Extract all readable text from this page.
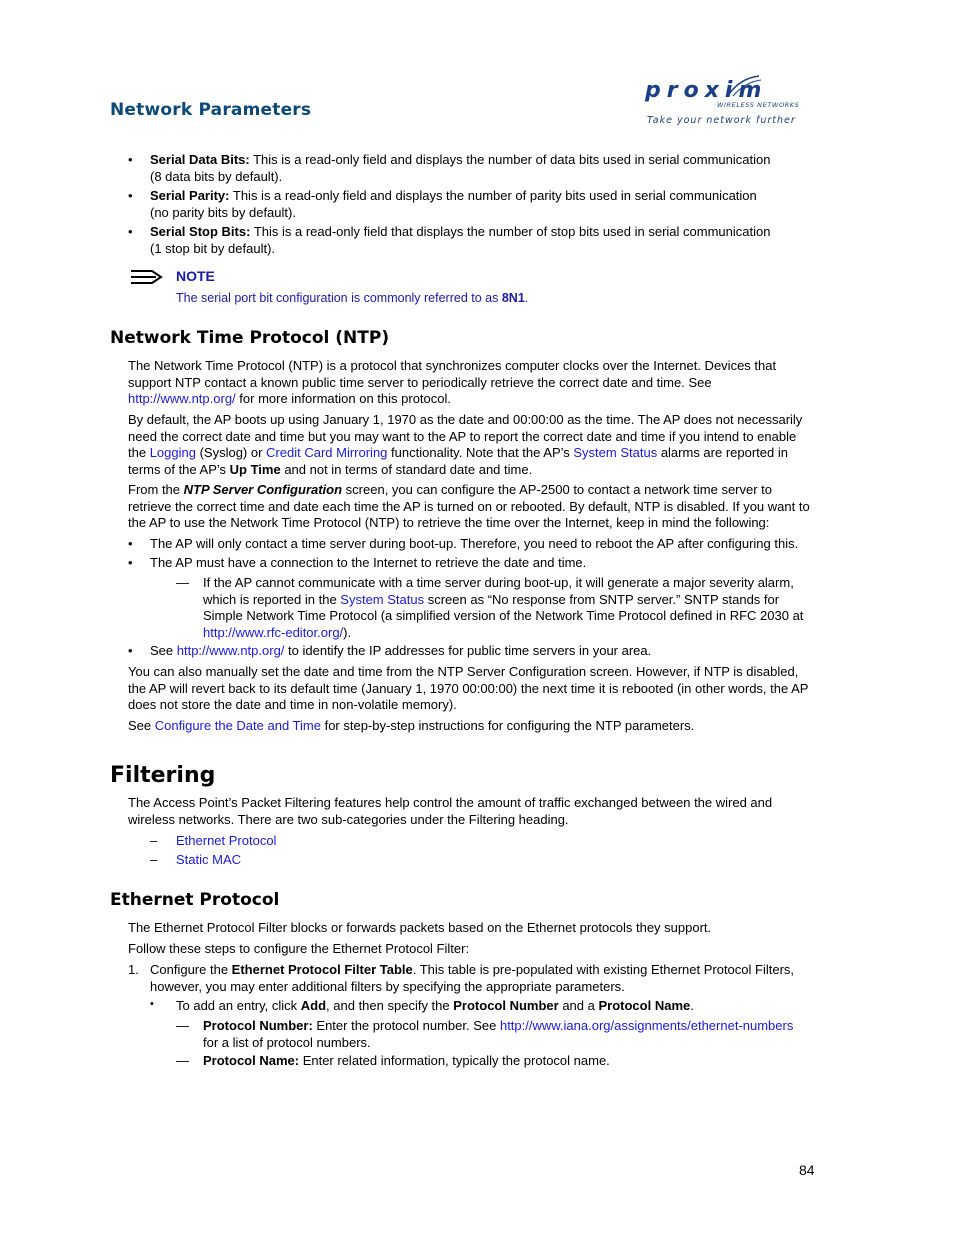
Network Parameters
proxim
WIRELESS NETWORKS
Take your network further
• Serial Data Bits: This is a read-only field and displays the number of data bits used in serial communication
(8 data bits by default).
• Serial Parity: This is a read-only field and displays the number of parity bits used in serial communication
(no parity bits by default).
• Serial Stop Bits: This is a read-only field that displays the number of stop bits used in serial communication
(1 stop bit by default).
NOTE
The serial port bit configuration is commonly referred to as 8N1.
Network Time Protocol (NTP)
The Network Time Protocol (NTP) is a protocol that synchronizes computer clocks over the Internet. Devices that
support NTP contact a known public time server to periodically retrieve the correct date and time. See
http://www.ntp.org/ for more information on this protocol.
By default, the AP boots up using January 1, 1970 as the date and 00:00:00 as the time. The AP does not necessarily
need the correct date and time but you may want to the AP to report the correct date and time if you intend to enable
the Logging (Syslog) or Credit Card Mirroring functionality. Note that the AP’s System Status alarms are reported in
terms of the AP’s Up Time and not in terms of standard date and time.
From the NTP Server Configuration screen, you can configure the AP-2500 to contact a network time server to
retrieve the correct time and date each time the AP is turned on or rebooted. By default, NTP is disabled. If you want to
the AP to use the Network Time Protocol (NTP) to retrieve the time over the Internet, keep in mind the following:
• The AP will only contact a time server during boot-up. Therefore, you need to reboot the AP after configuring this.
• The AP must have a connection to the Internet to retrieve the date and time.
— If the AP cannot communicate with a time server during boot-up, it will generate a major severity alarm,
which is reported in the System Status screen as “No response from SNTP server.” SNTP stands for
Simple Network Time Protocol (a simplified version of the Network Time Protocol defined in RFC 2030 at
http://www.rfc-editor.org/).
• See http://www.ntp.org/ to identify the IP addresses for public time servers in your area.
You can also manually set the date and time from the NTP Server Configuration screen. However, if NTP is disabled,
the AP will revert back to its default time (January 1, 1970 00:00:00) the next time it is rebooted (in other words, the AP
does not store the date and time in non-volatile memory).
See Configure the Date and Time for step-by-step instructions for configuring the NTP parameters.
Filtering
The Access Point’s Packet Filtering features help control the amount of traffic exchanged between the wired and
wireless networks. There are two sub-categories under the Filtering heading.
– Ethernet Protocol
– Static MAC
Ethernet Protocol
The Ethernet Protocol Filter blocks or forwards packets based on the Ethernet protocols they support.
Follow these steps to configure the Ethernet Protocol Filter:
1. Configure the Ethernet Protocol Filter Table. This table is pre-populated with existing Ethernet Protocol Filters,
however, you may enter additional filters by specifying the appropriate parameters.
• To add an entry, click Add, and then specify the Protocol Number and a Protocol Name.
— Protocol Number: Enter the protocol number. See http://www.iana.org/assignments/ethernet-numbers
for a list of protocol numbers.
— Protocol Name: Enter related information, typically the protocol name.
84
